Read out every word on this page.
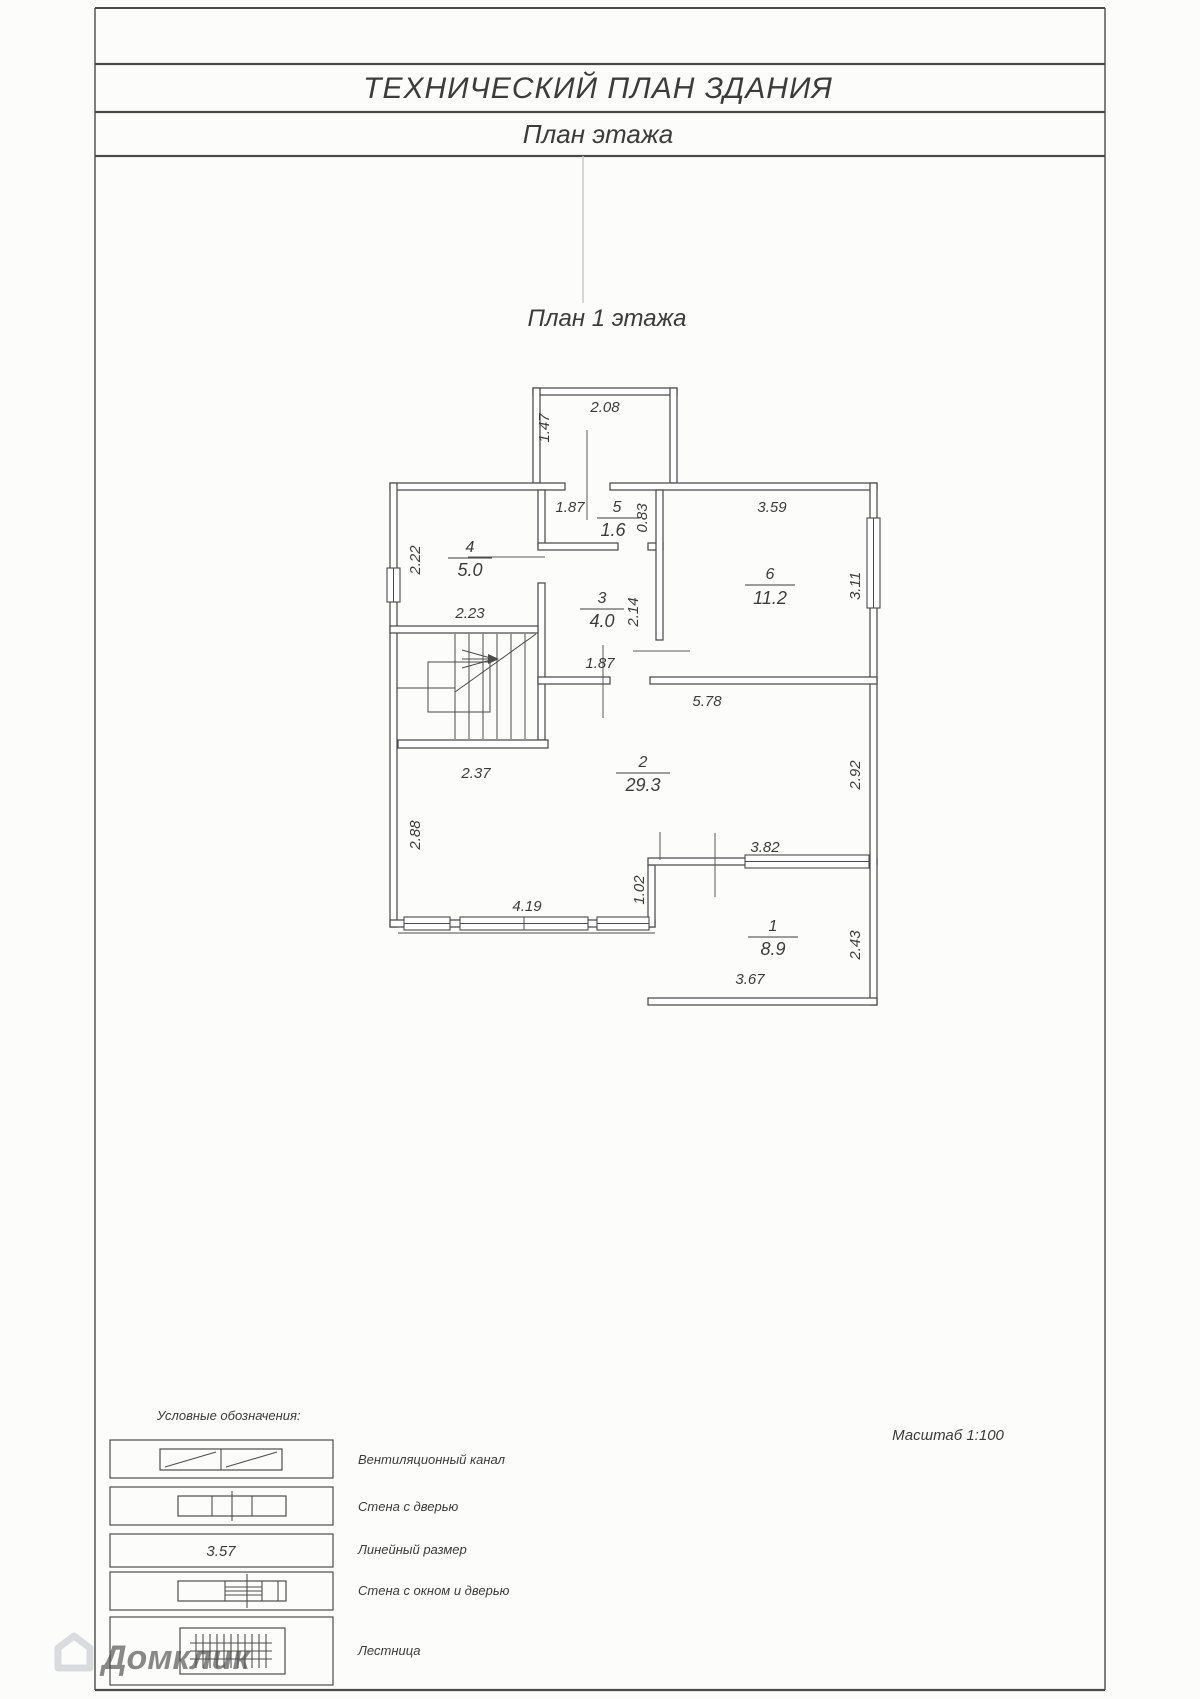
ТЕХНИЧЕСКИЙ ПЛАН ЗДАНИЯ
План этажа
План 1 этажа
1
8.9
2
29.3
3
4.0
4
5.0
5
1.6
6
11.2
2.08
1.47
2.22
2.23
1.87	0.83
2.14
1.87
3.59
3.11
5.78
2.92
2.37
2.88
4.19
3.82
1.02
2.43
3.67
Домклик
Условные обозначения:
Вентиляционный канал
Стена с дверью
3.57	Линейный размер
Стена с окном и дверью
Лестница
Масштаб 1:100
